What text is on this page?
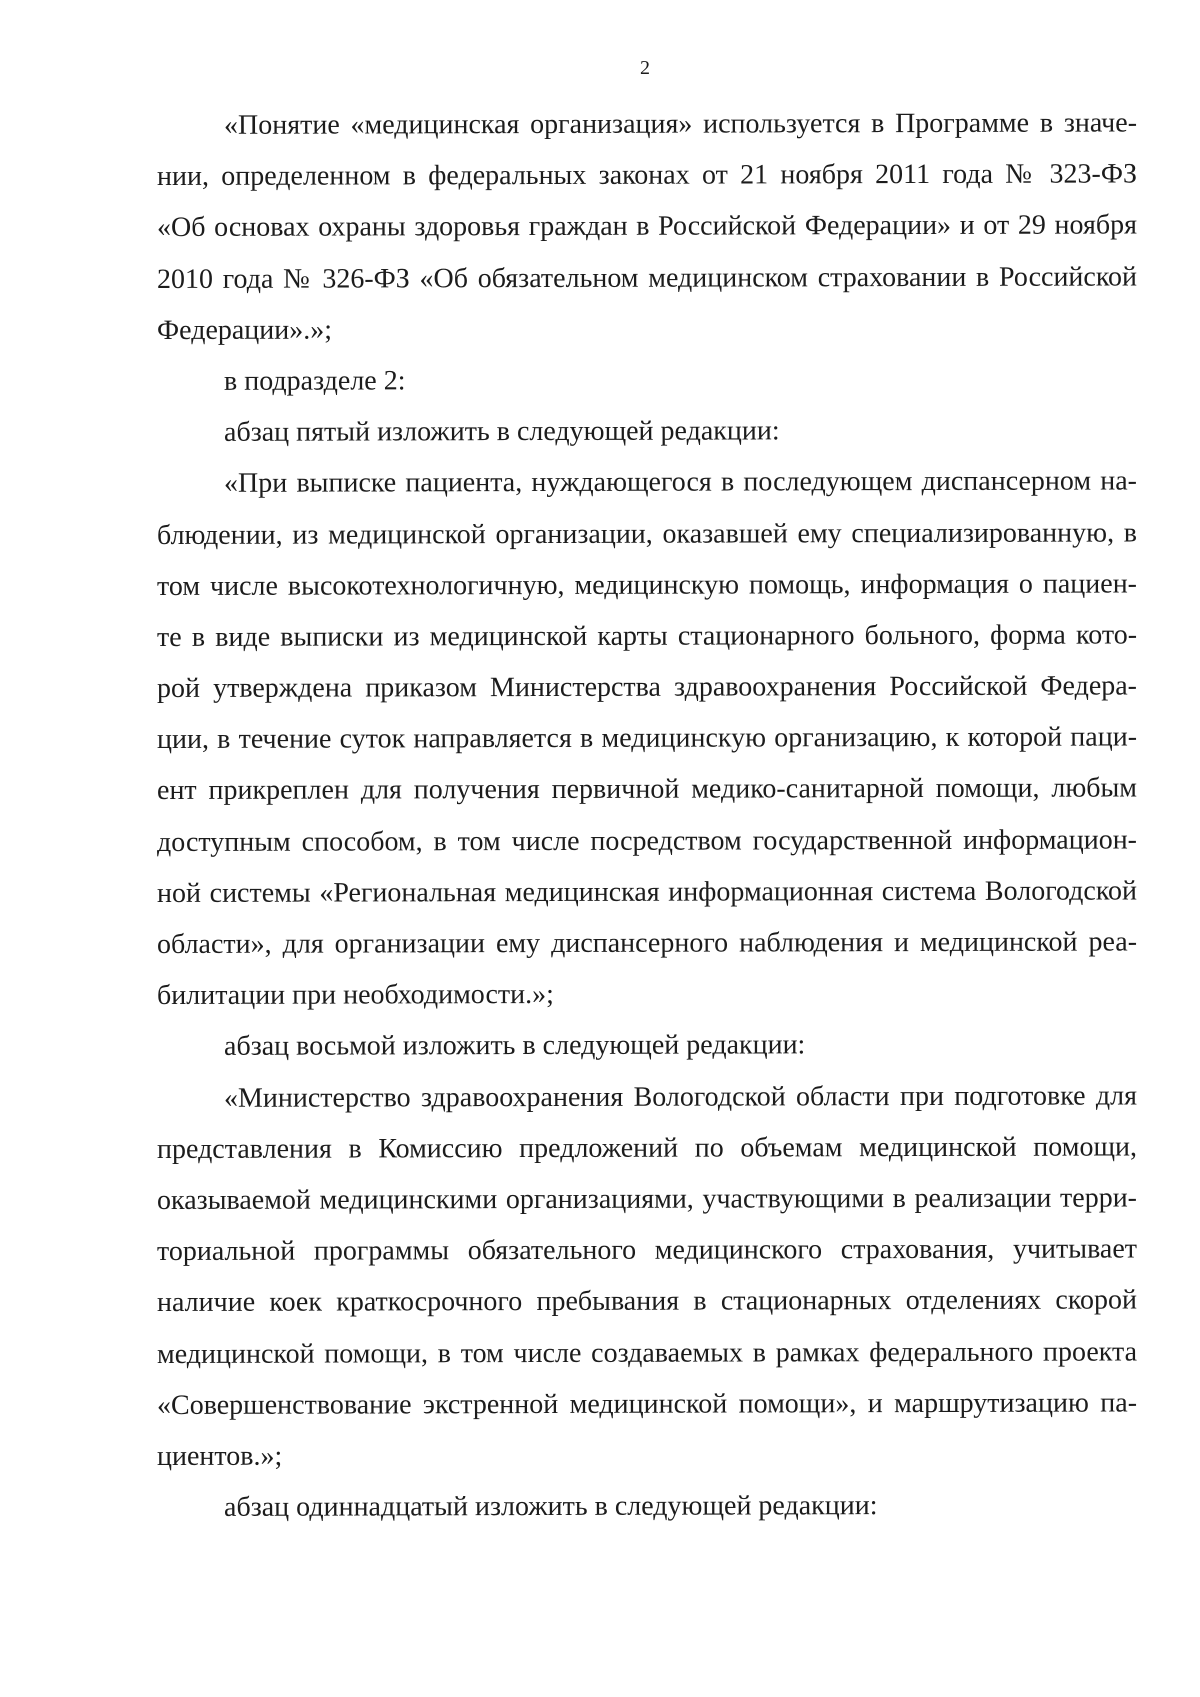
2
«Понятие «медицинская организация» используется в Программе в значе-
нии, определенном в федеральных законах от 21 ноября 2011 года № 323-ФЗ
«Об основах охраны здоровья граждан в Российской Федерации» и от 29 ноября
2010 года № 326-ФЗ «Об обязательном медицинском страховании в Российской
Федерации».»;
в подразделе 2:
абзац пятый изложить в следующей редакции:
«При выписке пациента, нуждающегося в последующем диспансерном на-
блюдении, из медицинской организации, оказавшей ему специализированную, в
том числе высокотехнологичную, медицинскую помощь, информация о пациен-
те в виде выписки из медицинской карты стационарного больного, форма кото-
рой утверждена приказом Министерства здравоохранения Российской Федера-
ции, в течение суток направляется в медицинскую организацию, к которой паци-
ент прикреплен для получения первичной медико-санитарной помощи, любым
доступным способом, в том числе посредством государственной информацион-
ной системы «Региональная медицинская информационная система Вологодской
области», для организации ему диспансерного наблюдения и медицинской реа-
билитации при необходимости.»;
абзац восьмой изложить в следующей редакции:
«Министерство здравоохранения Вологодской области при подготовке для
представления в Комиссию предложений по объемам медицинской помощи,
оказываемой медицинскими организациями, участвующими в реализации терри-
ториальной программы обязательного медицинского страхования, учитывает
наличие коек краткосрочного пребывания в стационарных отделениях скорой
медицинской помощи, в том числе создаваемых в рамках федерального проекта
«Совершенствование экстренной медицинской помощи», и маршрутизацию па-
циентов.»;
абзац одиннадцатый изложить в следующей редакции:
